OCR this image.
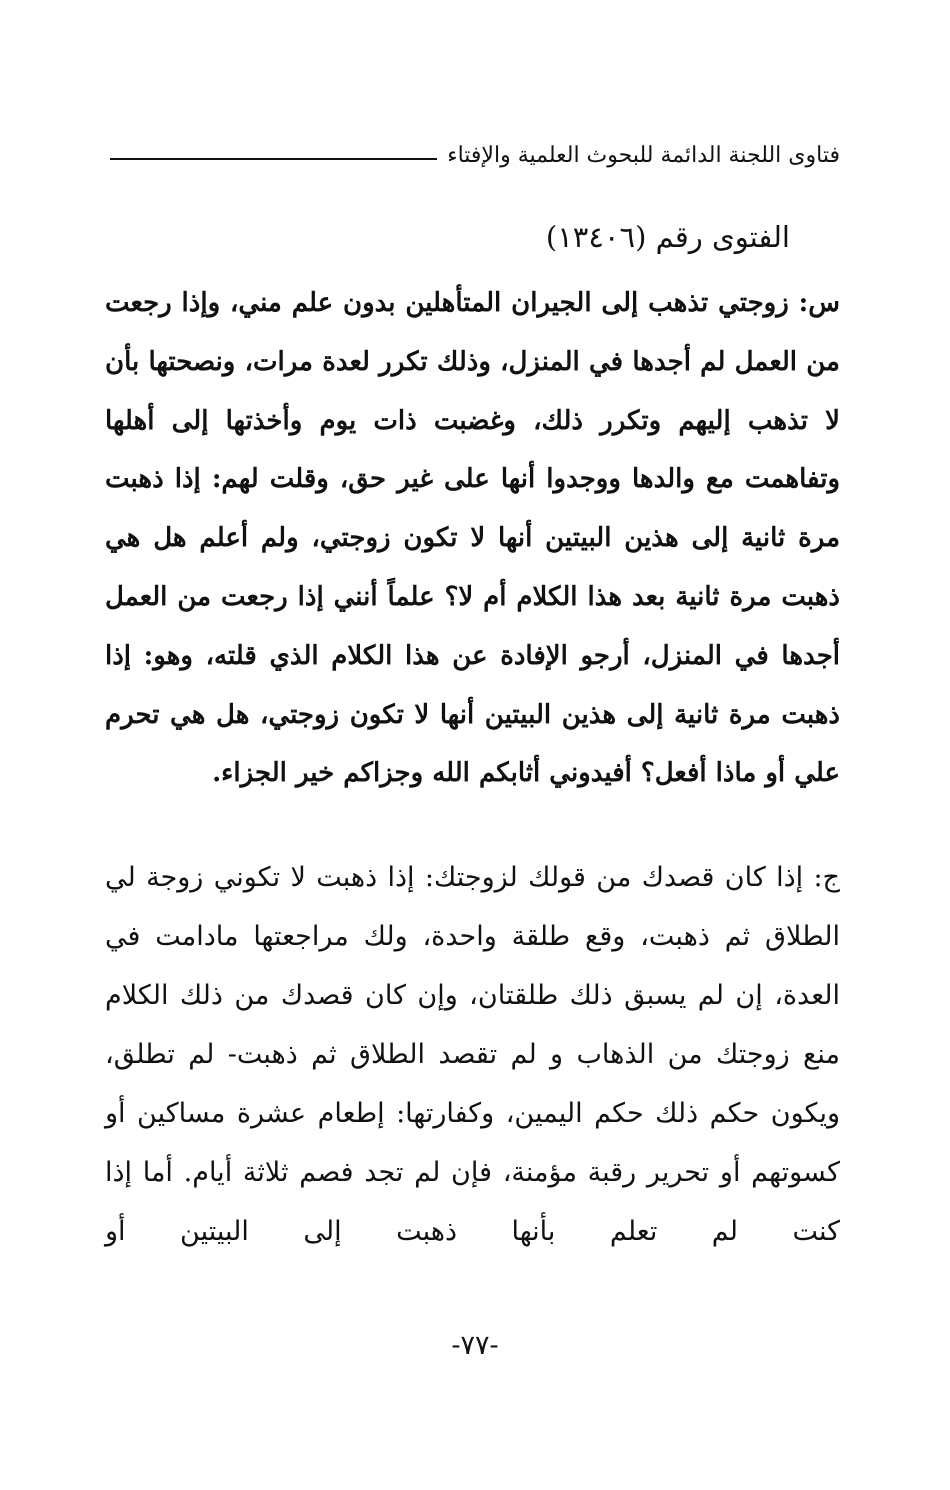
فتاوى اللجنة الدائمة للبحوث العلمية والإفتاء
الفتوى رقم (١٣٤٠٦)
س: زوجتي تذهب إلى الجيران المتأهلين بدون علم مني، وإذا رجعت من العمل لم أجدها في المنزل، وذلك تكرر لعدة مرات، ونصحتها بأن لا تذهب إليهم وتكرر ذلك، وغضبت ذات يوم وأخذتها إلى أهلها وتفاهمت مع والدها ووجدوا أنها على غير حق، وقلت لهم: إذا ذهبت مرة ثانية إلى هذين البيتين أنها لا تكون زوجتي، ولم أعلم هل هي ذهبت مرة ثانية بعد هذا الكلام أم لا؟ علماً أنني إذا رجعت من العمل أجدها في المنزل، أرجو الإفادة عن هذا الكلام الذي قلته، وهو: إذا ذهبت مرة ثانية إلى هذين البيتين أنها لا تكون زوجتي، هل هي تحرم علي أو ماذا أفعل؟ أفيدوني أثابكم الله وجزاكم خير الجزاء.
ج: إذا كان قصدك من قولك لزوجتك: إذا ذهبت لا تكوني زوجة لي الطلاق ثم ذهبت، وقع طلقة واحدة، ولك مراجعتها مادامت في العدة، إن لم يسبق ذلك طلقتان، وإن كان قصدك من ذلك الكلام منع زوجتك من الذهاب و لم تقصد الطلاق ثم ذهبت- لم تطلق، ويكون حكم ذلك حكم اليمين، وكفارتها: إطعام عشرة مساكين أو كسوتهم أو تحرير رقبة مؤمنة، فإن لم تجد فصم ثلاثة أيام. أما إذا كنت لم تعلم بأنها ذهبت إلى البيتين أو
-٧٧-
